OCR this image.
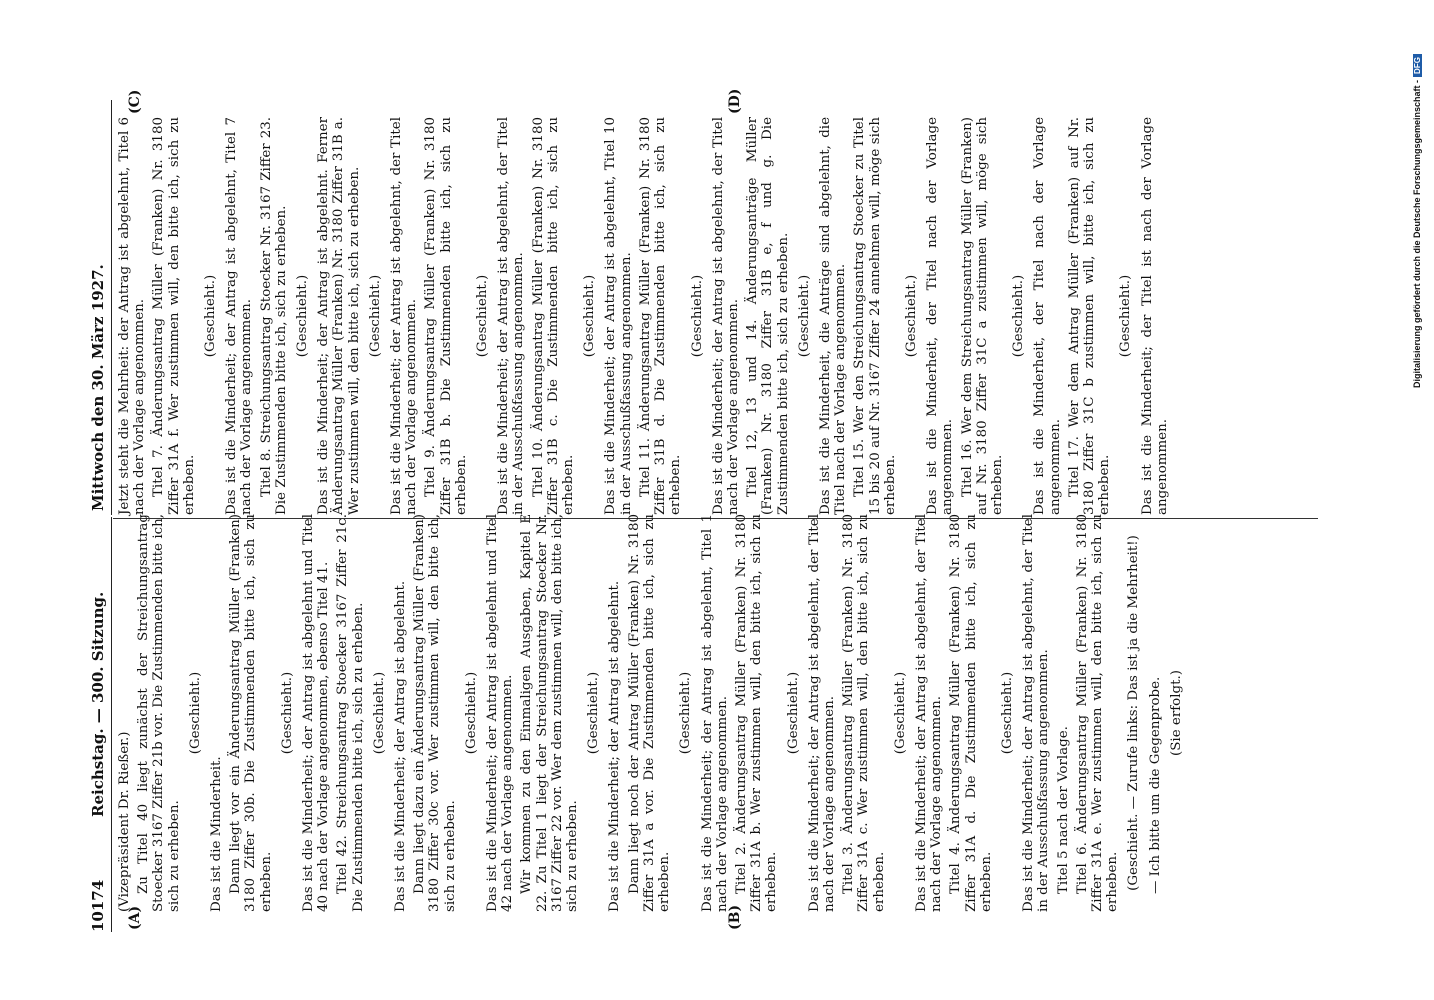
10174
Reichstag. — 300. Sitzung.
Mittwoch den 30. März 1927.
(A)	(B)
(C)	(D)

(Vizepräsident Dr. Rießer.) Zu Titel 40 liegt zunächst der Streichungsantrag Stoecker 3167 Ziffer 21b vor. Die Zustimmenden bitte ich, sich zu erheben.

(Geschieht.)

Das ist die Minderheit. Dann liegt vor ein Änderungsantrag Müller (Franken) 3180 Ziffer 30b. Die Zustimmenden bitte ich, sich zu erheben.

(Geschieht.) Das ist die Minderheit; der Antrag ist abgelehnt und Titel 40 nach der Vorlage angenommen, ebenso Titel 41. Titel 42. Streichungsantrag Stoecker 3167 Ziffer 21c. Die Zustimmenden bitte ich, sich zu erheben. (Geschieht.) Das ist die Minderheit; der Antrag ist abgelehnt. Dann liegt dazu ein Änderungsantrag Müller (Franken) 3180 Ziffer 30c vor. Wer zustimmen will, den bitte ich, sich zu erheben.

(Geschieht.) Das ist die Minderheit; der Antrag ist abgelehnt und Titel 42 nach der Vorlage angenommen. Wir kommen zu den Einmaligen Ausgaben, Kapitel E 22. Zu Titel 1 liegt der Streichungsantrag Stoecker Nr. 3167 Ziffer 22 vor. Wer dem zustimmen will, den bitte ich, sich zu erheben.

(Geschieht.) Das ist die Minderheit; der Antrag ist abgelehnt. Dann liegt noch der Antrag Müller (Franken) Nr. 3180 Ziffer 31A a vor. Die Zustimmenden bitte ich, sich zu erheben.

(Geschieht.) Das ist die Minderheit; der Antrag ist abgelehnt, Titel 1 nach der Vorlage angenommen. Titel 2. Änderungsantrag Müller (Franken) Nr. 3180 Ziffer 31A b. Wer zustimmen will, den bitte ich, sich zu erheben.

(Geschieht.) Das ist die Minderheit; der Antrag ist abgelehnt, der Titel nach der Vorlage angenommen. Titel 3. Änderungsantrag Müller (Franken) Nr. 3180 Ziffer 31A c. Wer zustimmen will, den bitte ich, sich zu erheben.

(Geschieht.) Das ist die Minderheit; der Antrag ist abgelehnt, der Titel nach der Vorlage angenommen. Titel 4. Änderungsantrag Müller (Franken) Nr. 3180 Ziffer 31A d. Die Zustimmenden bitte ich, sich zu erheben.

(Geschieht.) Das ist die Minderheit; der Antrag ist abgelehnt, der Titel in der Ausschußfassung angenommen. Titel 5 nach der Vorlage. Titel 6. Änderungsantrag Müller (Franken) Nr. 3180 Ziffer 31A e. Wer zustimmen will, den bitte ich, sich zu erheben. (Geschieht. — Zurufe links: Das ist ja die Mehrheit!) — Ich bitte um die Gegenprobe. (Sie erfolgt.)

Jetzt steht die Mehrheit: der Antrag ist abgelehnt, Titel 6 nach der Vorlage angenommen. Titel 7. Änderungsantrag Müller (Franken) Nr. 3180 Ziffer 31A f. Wer zustimmen will, den bitte ich, sich zu erheben.

(Geschieht.) Das ist die Minderheit; der Antrag ist abgelehnt, Titel 7 nach der Vorlage angenommen. Titel 8. Streichungsantrag Stoecker Nr. 3167 Ziffer 23. Die Zustimmenden bitte ich, sich zu erheben. (Geschieht.) Das ist die Minderheit; der Antrag ist abgelehnt. Ferner Änderungsantrag Müller (Franken) Nr. 3180 Ziffer 31B a. Wer zustimmen will, den bitte ich, sich zu erheben. (Geschieht.) Das ist die Minderheit; der Antrag ist abgelehnt, der Titel nach der Vorlage angenommen. Titel 9. Änderungsantrag Müller (Franken) Nr. 3180 Ziffer 31B b. Die Zustimmenden bitte ich, sich zu erheben.

(Geschieht.) Das ist die Minderheit; der Antrag ist abgelehnt, der Titel in der Ausschußfassung angenommen. Titel 10. Änderungsantrag Müller (Franken) Nr. 3180 Ziffer 31B c. Die Zustimmenden bitte ich, sich zu erheben.

(Geschieht.) Das ist die Minderheit; der Antrag ist abgelehnt, Titel 10 in der Ausschußfassung angenommen. Titel 11. Änderungsantrag Müller (Franken) Nr. 3180 Ziffer 31B d. Die Zustimmenden bitte ich, sich zu erheben.

(Geschieht.) Das ist die Minderheit; der Antrag ist abgelehnt, der Titel nach der Vorlage angenommen. Titel 12, 13 und 14. Änderungsanträge Müller (Franken) Nr. 3180 Ziffer 31B e, f und g. Die Zustimmenden bitte ich, sich zu erheben. (Geschieht.) Das ist die Minderheit, die Anträge sind abgelehnt, die Titel nach der Vorlage angenommen. Titel 15. Wer den Streichungsantrag Stoecker zu Titel 15 bis 20 auf Nr. 3167 Ziffer 24 annehmen will, möge sich erheben.

(Geschieht.) Das ist die Minderheit, der Titel nach der Vorlage angenommen. Titel 16. Wer dem Streichungsantrag Müller (Franken) auf Nr. 3180 Ziffer 31C a zustimmen will, möge sich erheben.

(Geschieht.) Das ist die Minderheit, der Titel nach der Vorlage angenommen. Titel 17. Wer dem Antrag Müller (Franken) auf Nr. 3180 Ziffer 31C b zustimmen will, bitte ich, sich zu erheben.

(Geschieht.) Das ist die Minderheit; der Titel ist nach der Vorlage angenommen.

Digitalisierung gefördert durch die Deutsche Forschungsgemeinschaft -DFG
